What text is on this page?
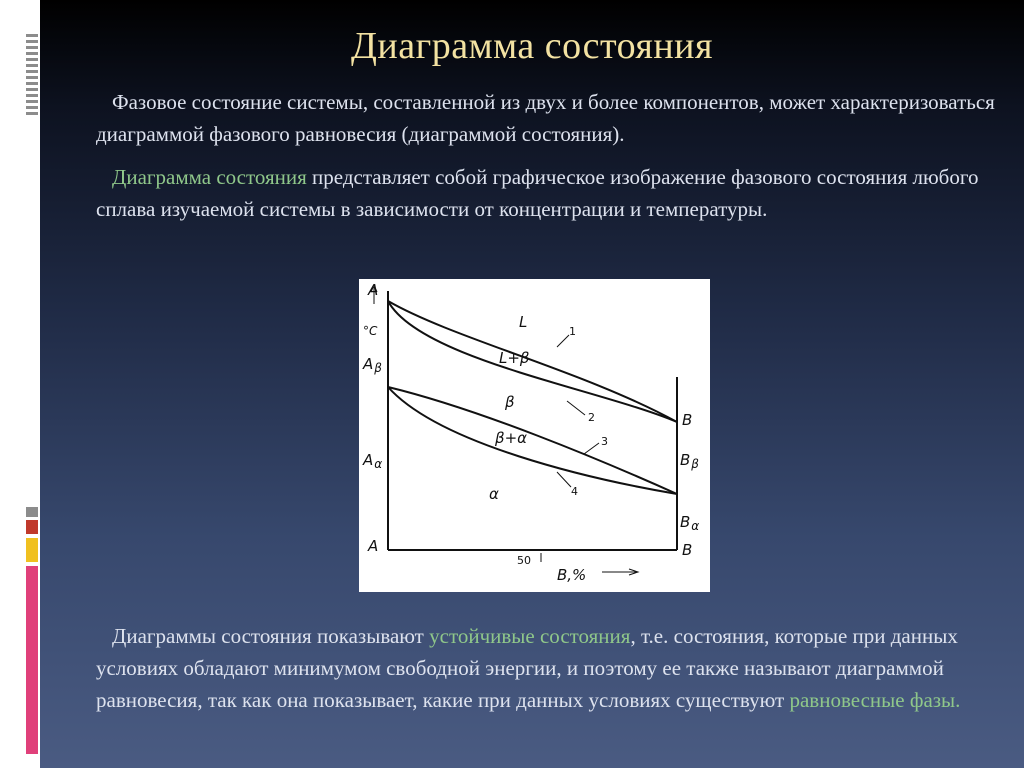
Диаграмма состояния

Фазовое состояние системы, составленной из двух и более компонентов, может характеризоваться диаграммой фазового равновесия (диаграммой состояния).

Диаграмма состояния представляет собой графическое изображение фазового состояния любого сплава изучаемой системы в зависимости от концентрации и температуры.

A
°C
$A_\beta$
$A_\alpha$
A
B
$B_\beta$
$B_\alpha$
B
L
L+β
β
β+α
α
1
2
3
4
50
B,%

Диаграммы состояния показывают устойчивые состояния, т.е. состояния, которые при данных условиях обладают минимумом свободной энергии, и поэтому ее также называют диаграммой равновесия, так как она показывает, какие при данных условиях существуют равновесные фазы.
